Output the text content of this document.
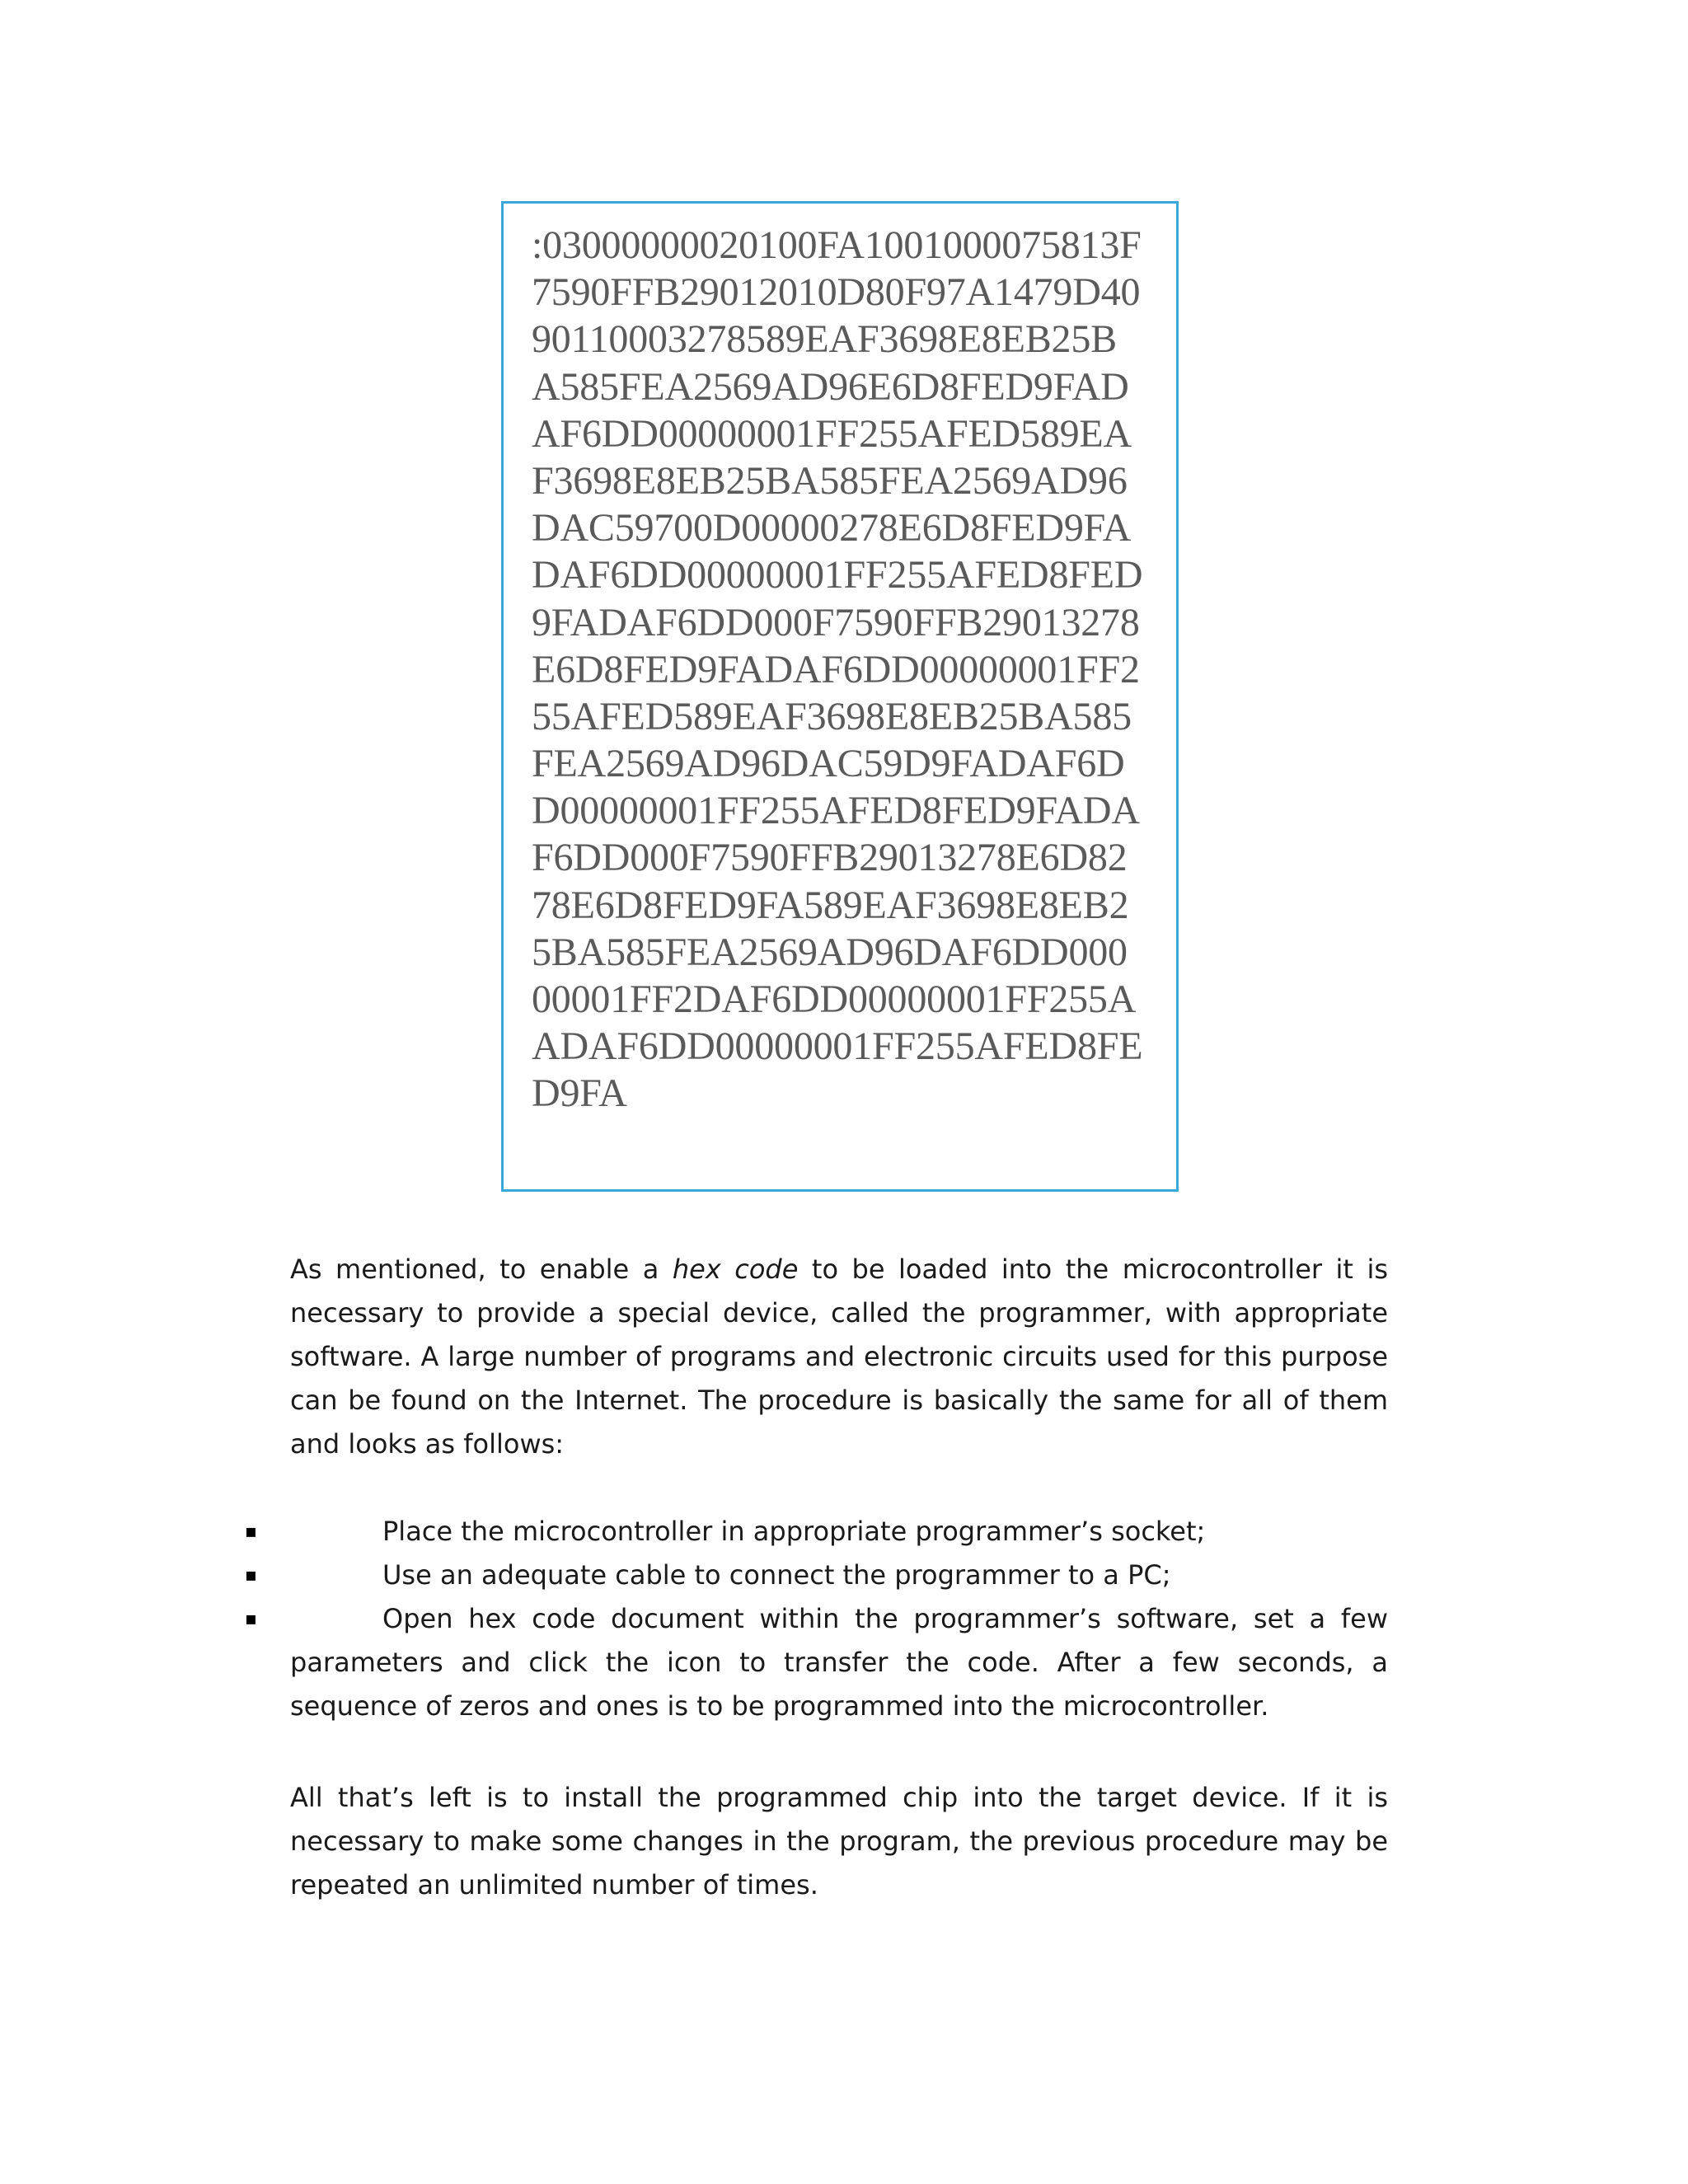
:03000000020100FA1001000075813F
7590FFB29012010D80F97A1479D40
90110003278589EAF3698E8EB25B
A585FEA2569AD96E6D8FED9FAD
AF6DD00000001FF255AFED589EA
F3698E8EB25BA585FEA2569AD96
DAC59700D00000278E6D8FED9FA
DAF6DD00000001FF255AFED8FED
9FADAF6DD000F7590FFB29013278
E6D8FED9FADAF6DD00000001FF2
55AFED589EAF3698E8EB25BA585
FEA2569AD96DAC59D9FADAF6D
D00000001FF255AFED8FED9FADA
F6DD000F7590FFB29013278E6D82
78E6D8FED9FA589EAF3698E8EB2
5BA585FEA2569AD96DAF6DD000
00001FF2DAF6DD00000001FF255A
ADAF6DD00000001FF255AFED8FE
D9FA

As mentioned, to enable a hex code to be loaded into the microcontroller it is necessary to provide a special device, called the programmer, with appropriate software. A large number of programs and electronic circuits used for this purpose can be found on the Internet. The procedure is basically the same for all of them and looks as follows:

▪	Place the microcontroller in appropriate programmer’s socket;
▪	Use an adequate cable to connect the programmer to a PC;
▪	Open hex code document within the programmer’s software, set a few parameters and click the icon to transfer the code. After a few seconds, a sequence of zeros and ones is to be programmed into the microcontroller.

All that’s left is to install the programmed chip into the target device. If it is necessary to make some changes in the program, the previous procedure may be repeated an unlimited number of times.
